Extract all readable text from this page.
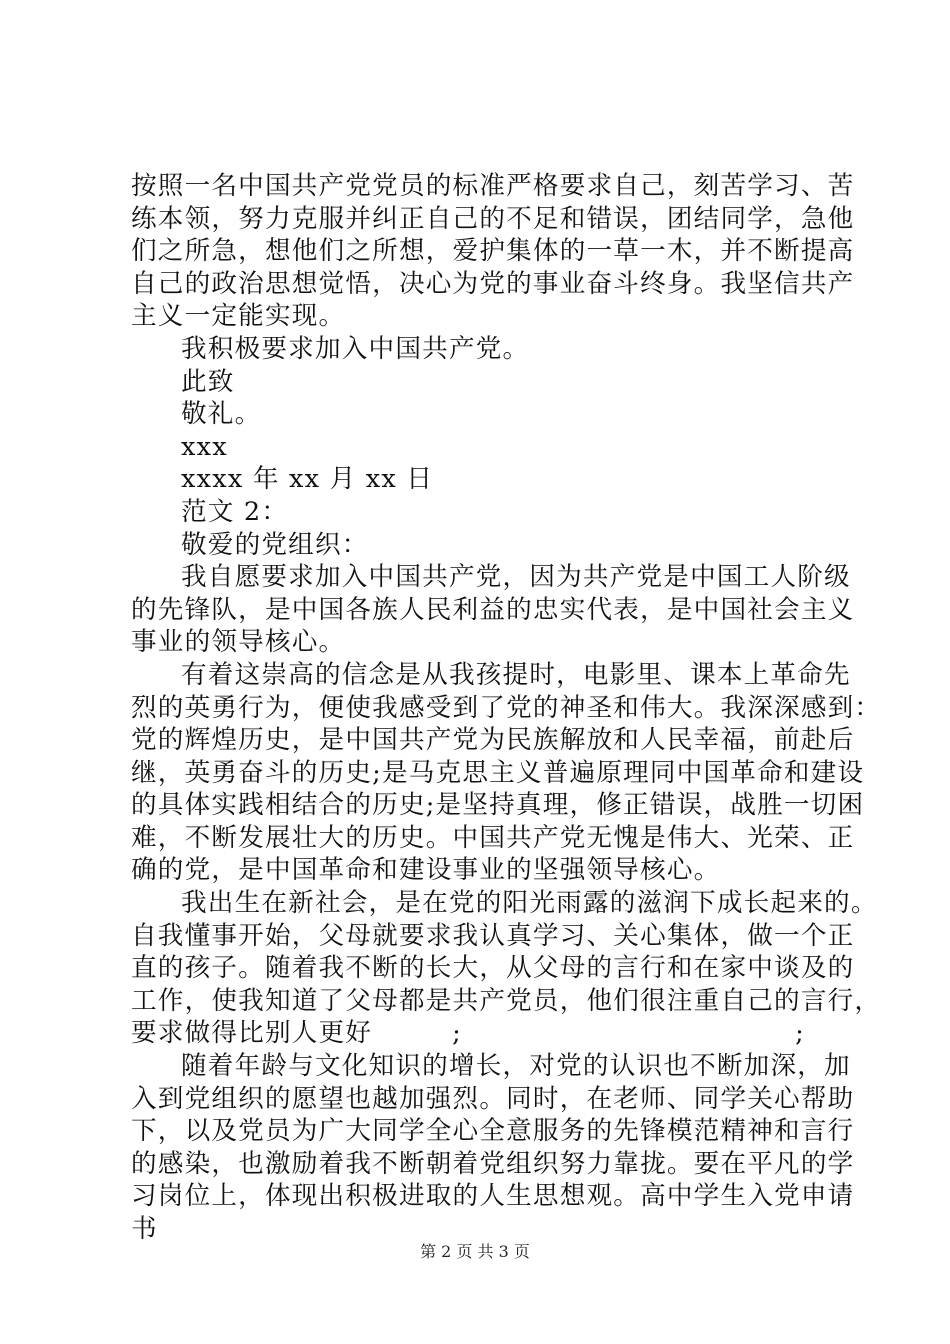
按照一名中国共产党党员的标准严格要求自己，刻苦学习、苦
练本领，努力克服并纠正自己的不足和错误，团结同学，急他
们之所急，想他们之所想，爱护集体的一草一木，并不断提高
自己的政治思想觉悟，决心为党的事业奋斗终身。我坚信共产
主义一定能实现。
我积极要求加入中国共产党。
此致
敬礼。
xxx
xxxx 年 xx 月 xx 日
范文 2：
敬爱的党组织：
我自愿要求加入中国共产党，因为共产党是中国工人阶级
的先锋队，是中国各族人民利益的忠实代表，是中国社会主义
事业的领导核心。
有着这崇高的信念是从我孩提时，电影里、课本上革命先
烈的英勇行为，便使我感受到了党的神圣和伟大。我深深感到：
党的辉煌历史，是中国共产党为民族解放和人民幸福，前赴后
继，英勇奋斗的历史;是马克思主义普遍原理同中国革命和建设
的具体实践相结合的历史;是坚持真理，修正错误，战胜一切困
难，不断发展壮大的历史。中国共产党无愧是伟大、光荣、正
确的党，是中国革命和建设事业的坚强领导核心。
我出生在新社会，是在党的阳光雨露的滋润下成长起来的。
自我懂事开始，父母就要求我认真学习、关心集体，做一个正
直的孩子。随着我不断的长大，从父母的言行和在家中谈及的
工作，使我知道了父母都是共产党员，他们很注重自己的言行，
要求做得比别人更好	;	;
随着年龄与文化知识的增长，对党的认识也不断加深，加
入到党组织的愿望也越加强烈。同时，在老师、同学关心帮助
下，以及党员为广大同学全心全意服务的先锋模范精神和言行
的感染，也激励着我不断朝着党组织努力靠拢。要在平凡的学
习岗位上，体现出积极进取的人生思想观。高中学生入党申请
书
第 2 页 共 3 页
